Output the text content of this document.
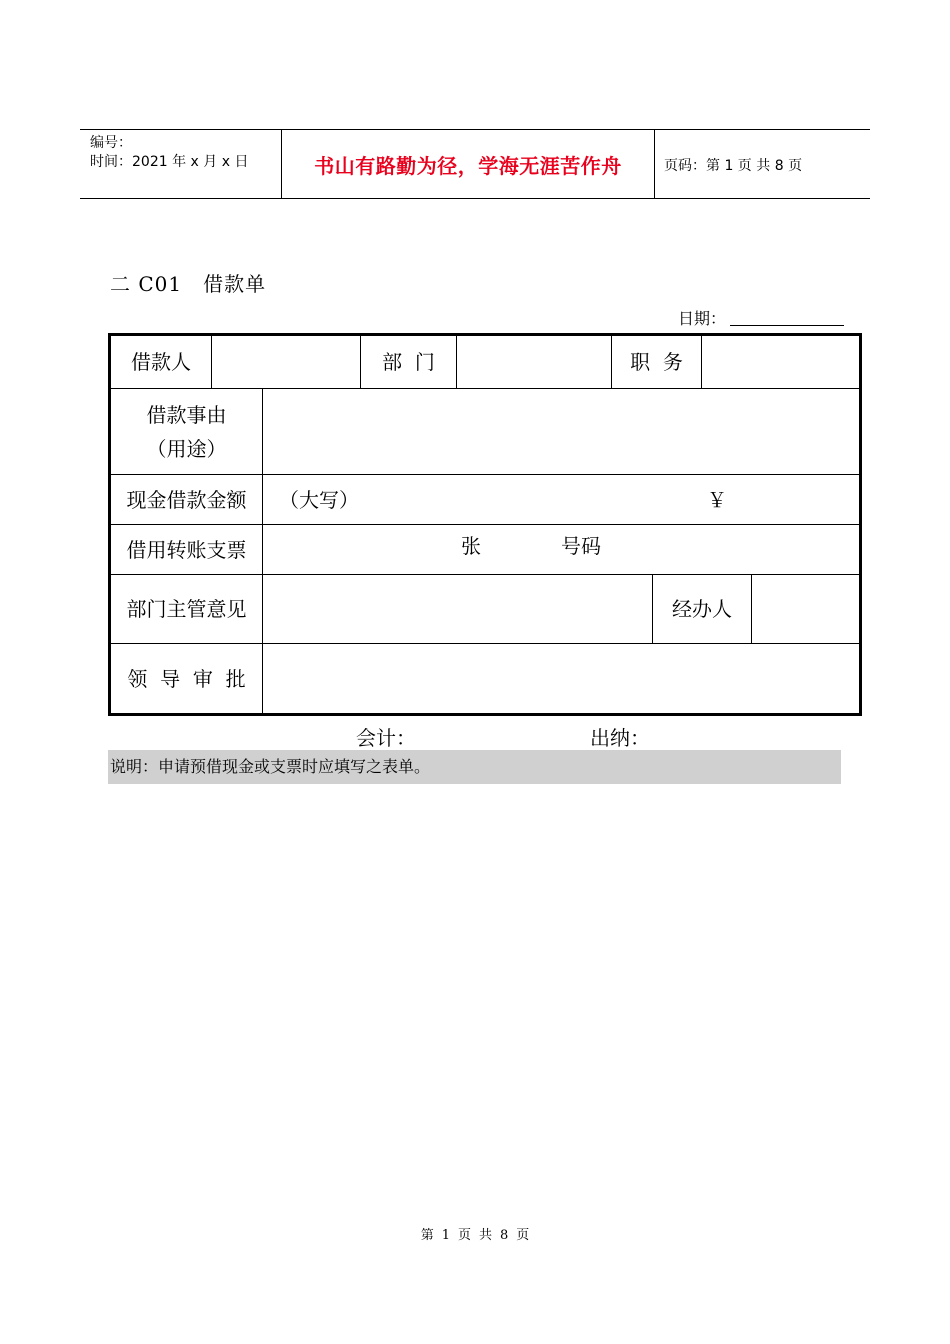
编号：
时间：2021 年 x 月 x 日	书山有路勤为径，学海无涯苦作舟	页码：第 1 页 共 8 页
二 C01　借款单
日期：
借款人	部  门	职  务
借款事由
（用途）
现金借款金额	（大写）	￥
借用转账支票	张	号码
部门主管意见	经办人
领  导  审  批
会计：	出纳：
说明：申请预借现金或支票时应填写之表单。
第 1 页 共 8 页
